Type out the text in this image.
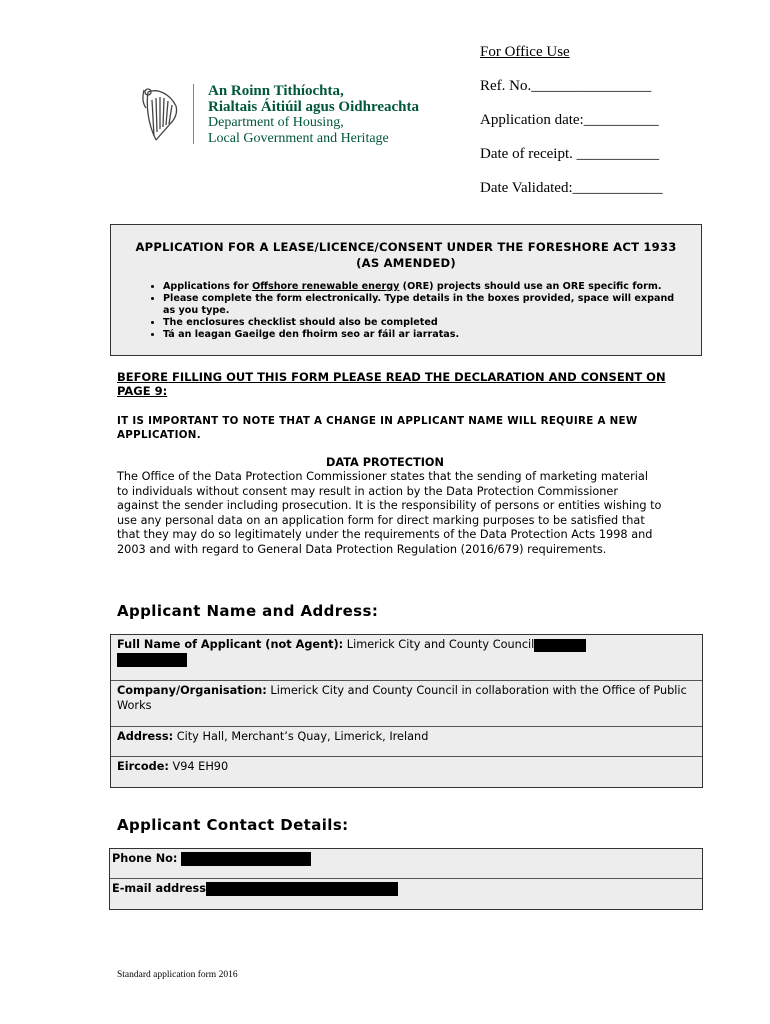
An Roinn Tithíochta,
Rialtais Áitiúil agus Oidhreachta
Department of Housing,
Local Government and Heritage
For Office Use
Ref. No.________________
Application date:__________
Date of receipt. ___________
Date Validated:____________
APPLICATION FOR A LEASE/LICENCE/CONSENT UNDER THE FORESHORE ACT 1933 (AS AMENDED)
• Applications for Offshore renewable energy (ORE) projects should use an ORE specific form.
• Please complete the form electronically. Type details in the boxes provided, space will expand as you type.
• The enclosures checklist should also be completed
• Tá an leagan Gaeilge den fhoirm seo ar fáil ar iarratas.
BEFORE FILLING OUT THIS FORM PLEASE READ THE DECLARATION AND CONSENT ON PAGE 9:
IT IS IMPORTANT TO NOTE THAT A CHANGE IN APPLICANT NAME WILL REQUIRE A NEW APPLICATION.
DATA PROTECTION
The Office of the Data Protection Commissioner states that the sending of marketing material to individuals without consent may result in action by the Data Protection Commissioner against the sender including prosecution. It is the responsibility of persons or entities wishing to use any personal data on an application form for direct marking purposes to be satisfied that that they may do so legitimately under the requirements of the Data Protection Acts 1998 and 2003 and with regard to General Data Protection Regulation (2016/679) requirements.
Applicant Name and Address:
Full Name of Applicant (not Agent): Limerick City and County Council

Company/Organisation: Limerick City and County Council in collaboration with the Office of Public Works
Address: City Hall, Merchant’s Quay, Limerick, Ireland
Eircode: V94 EH90
Applicant Contact Details:
Phone No:
E-mail address
Standard application form 2016
